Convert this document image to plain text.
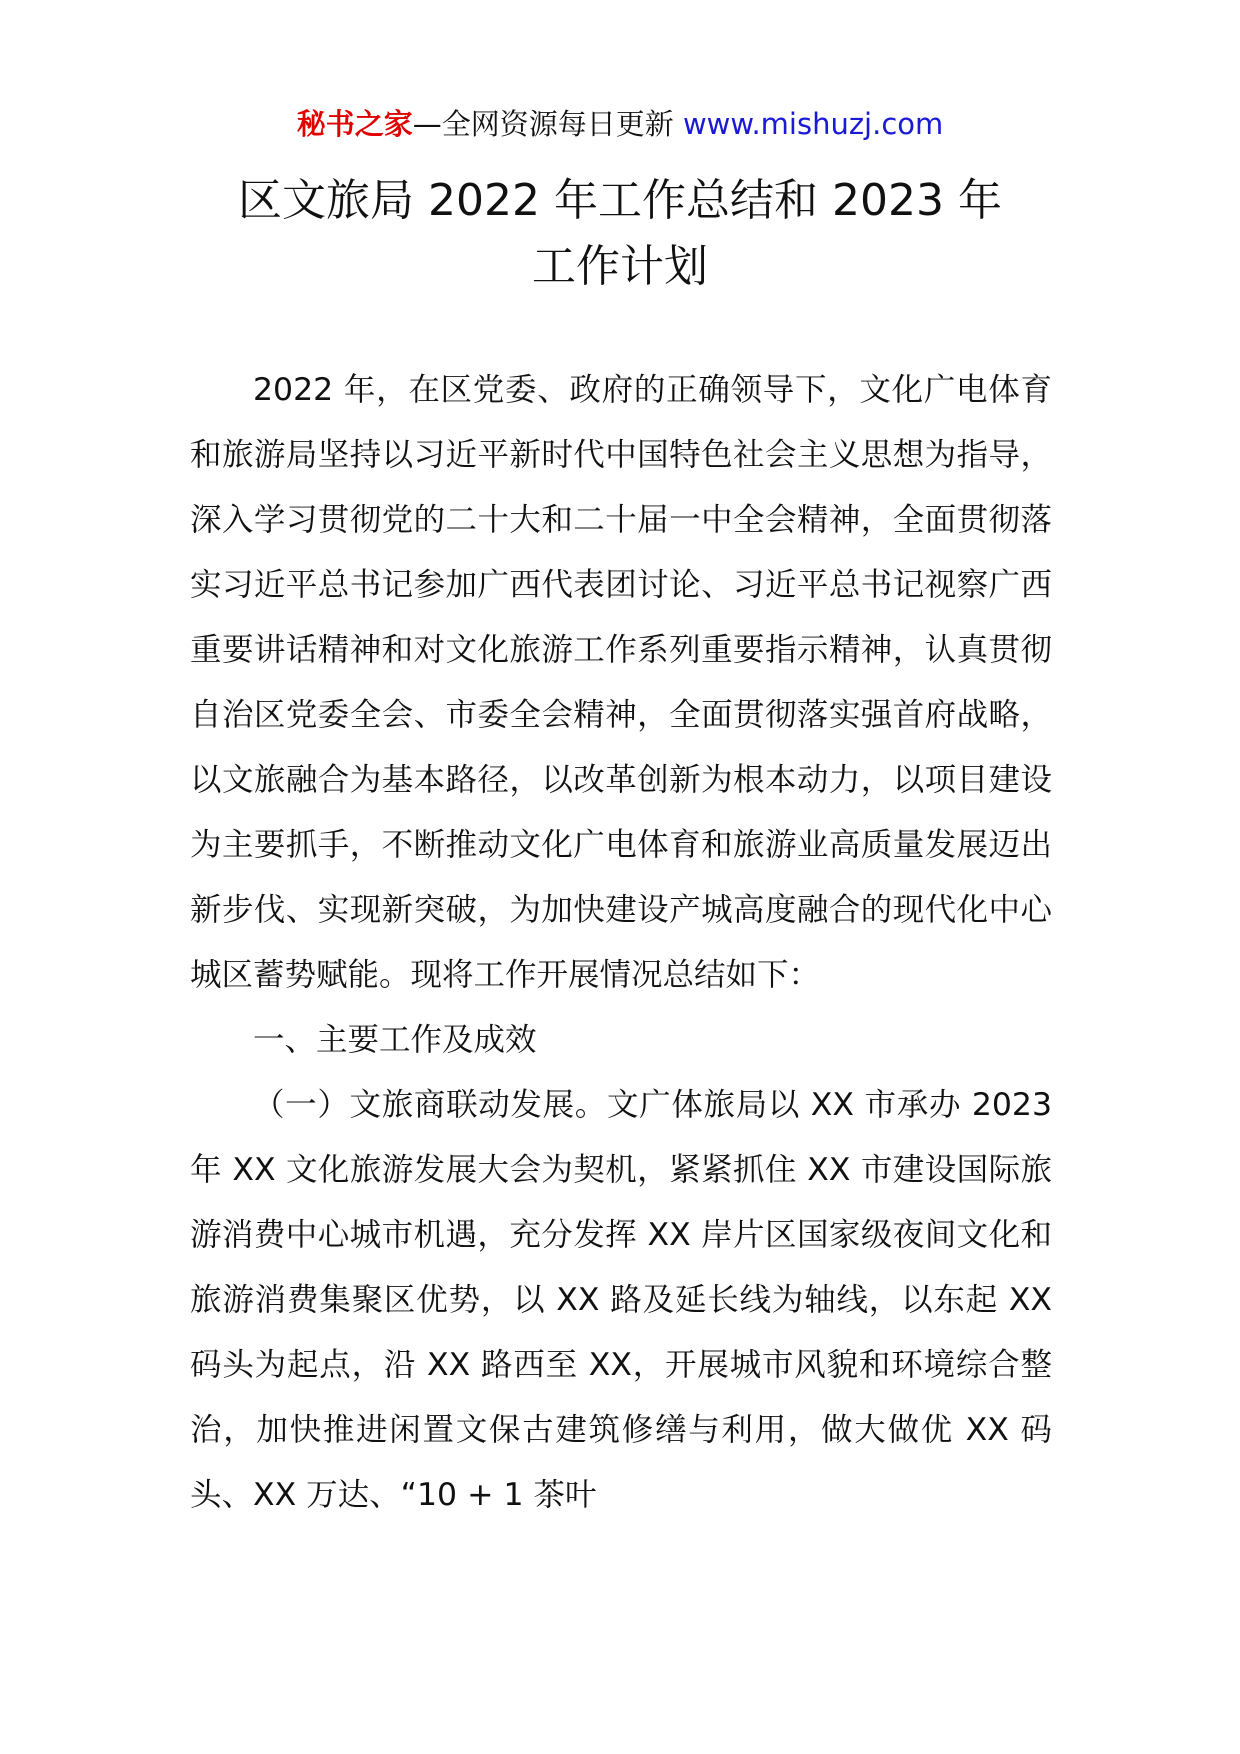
秘书之家—全网资源每日更新 www.mishuzj.com
区文旅局 2022 年工作总结和 2023 年
工作计划

2022 年，在区党委、政府的正确领导下，文化广电体育和旅游局坚持以习近平新时代中国特色社会主义思想为指导，深入学习贯彻党的二十大和二十届一中全会精神，全面贯彻落实习近平总书记参加广西代表团讨论、习近平总书记视察广西重要讲话精神和对文化旅游工作系列重要指示精神，认真贯彻自治区党委全会、市委全会精神，全面贯彻落实强首府战略，以文旅融合为基本路径，以改革创新为根本动力，以项目建设为主要抓手，不断推动文化广电体育和旅游业高质量发展迈出新步伐、实现新突破，为加快建设产城高度融合的现代化中心城区蓄势赋能。现将工作开展情况总结如下：

一、主要工作及成效

（一）文旅商联动发展。文广体旅局以 XX 市承办 2023 年 XX 文化旅游发展大会为契机，紧紧抓住 XX 市建设国际旅游消费中心城市机遇，充分发挥 XX 岸片区国家级夜间文化和旅游消费集聚区优势，以 XX 路及延长线为轴线，以东起 XX 码头为起点，沿 XX 路西至 XX，开展城市风貌和环境综合整治，加快推进闲置文保古建筑修缮与利用，做大做优 XX 码头、XX 万达、“10 + 1 茶叶
